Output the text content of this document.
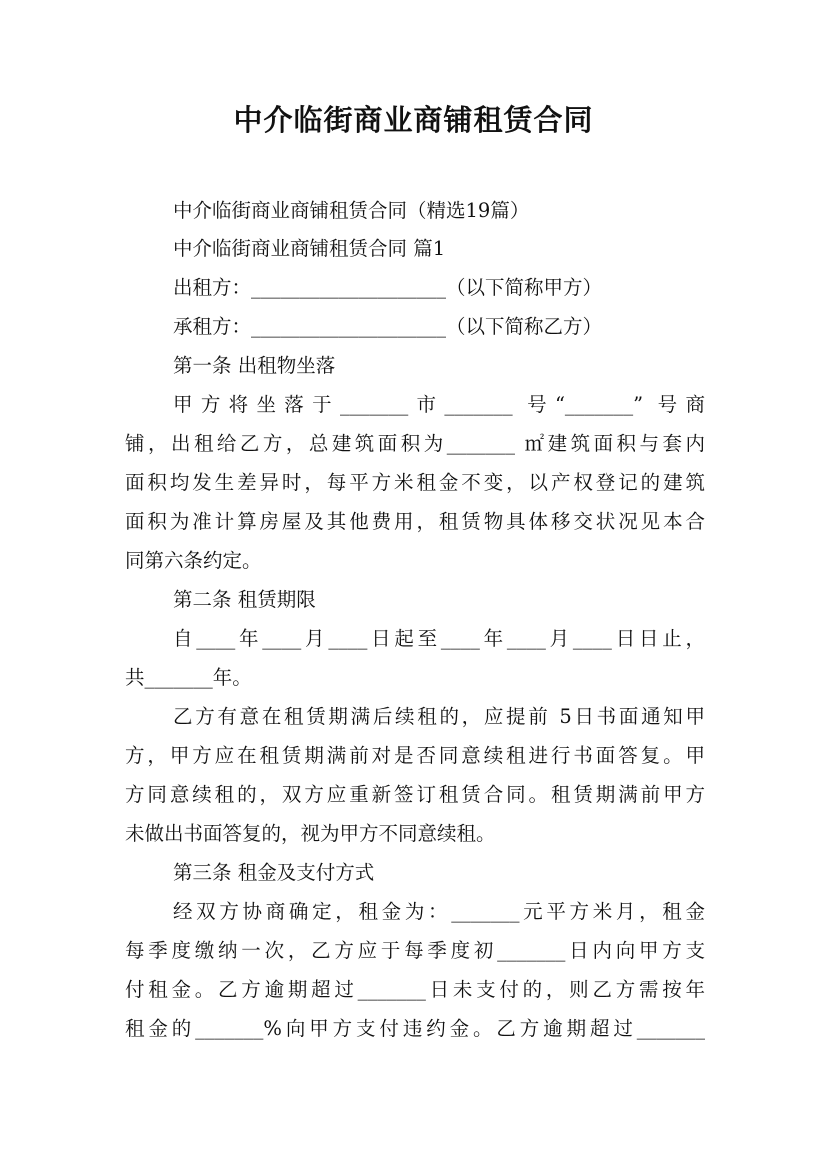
中介临街商业商铺租赁合同
中介临街商业商铺租赁合同（精选19篇）
中介临街商业商铺租赁合同 篇1
出租方：____________________（以下简称甲方）
承租方：____________________（以下简称乙方）
第一条 出租物坐落
甲方将坐落于_______市_______ 号“_______” 号商
铺，出租给乙方，总建筑面积为_______ ㎡建筑面积与套内
面积均发生差异时，每平方米租金不变，以产权登记的建筑
面积为准计算房屋及其他费用，租赁物具体移交状况见本合
同第六条约定。
第二条 租赁期限
自____年____月____日起至____年____月____日日止，
共_______年。
乙方有意在租赁期满后续租的，应提前 5日书面通知甲
方，甲方应在租赁期满前对是否同意续租进行书面答复。甲
方同意续租的，双方应重新签订租赁合同。租赁期满前甲方
未做出书面答复的，视为甲方不同意续租。
第三条 租金及支付方式
经双方协商确定，租金为：_______元平方米月，租金
每季度缴纳一次，乙方应于每季度初_______日内向甲方支
付租金。乙方逾期超过_______日未支付的，则乙方需按年
租金的_______%向甲方支付违约金。乙方逾期超过_______
